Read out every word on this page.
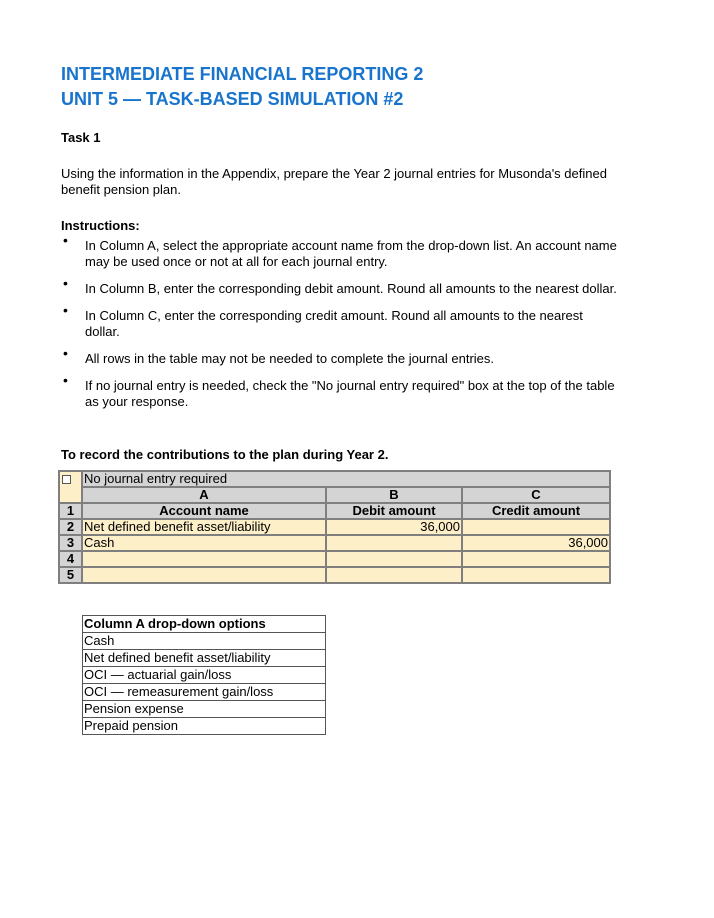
INTERMEDIATE FINANCIAL REPORTING 2
UNIT 5 — TASK-BASED SIMULATION #2
Task 1
Using the information in the Appendix, prepare the Year 2 journal entries for Musonda's defined benefit pension plan.
Instructions:
• In Column A, select the appropriate account name from the drop-down list. An account name may be used once or not at all for each journal entry.
• In Column B, enter the corresponding debit amount. Round all amounts to the nearest dollar.
• In Column C, enter the corresponding credit amount. Round all amounts to the nearest dollar.
• All rows in the table may not be needed to complete the journal entries.
• If no journal entry is needed, check the "No journal entry required" box at the top of the table as your response.
To record the contributions to the plan during Year 2.
	No journal entry required		
	A	B	C
1	Account name	Debit amount	Credit amount
2	Net defined benefit asset/liability	36,000	
3	Cash		36,000
4			
5			
Column A drop-down options
Cash
Net defined benefit asset/liability
OCI — actuarial gain/loss
OCI — remeasurement gain/loss
Pension expense
Prepaid pension
